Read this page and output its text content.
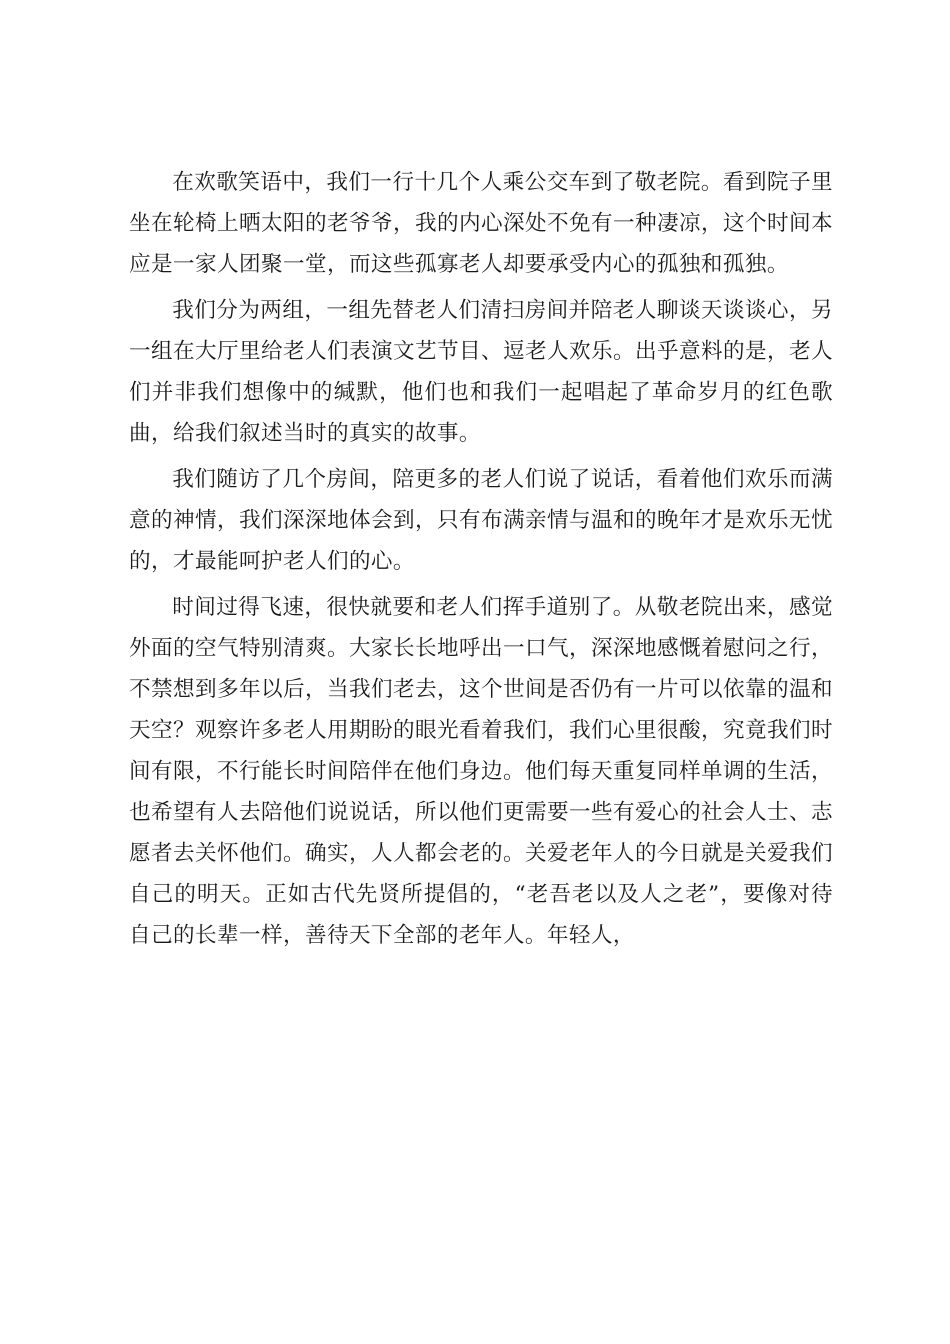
在欢歌笑语中，我们一行十几个人乘公交车到了敬老院。看到院子里坐在轮椅上晒太阳的老爷爷，我的内心深处不免有一种凄凉，这个时间本应是一家人团聚一堂，而这些孤寡老人却要承受内心的孤独和孤独。

我们分为两组，一组先替老人们清扫房间并陪老人聊谈天谈谈心，另一组在大厅里给老人们表演文艺节目、逗老人欢乐。出乎意料的是，老人们并非我们想像中的缄默，他们也和我们一起唱起了革命岁月的红色歌曲，给我们叙述当时的真实的故事。

我们随访了几个房间，陪更多的老人们说了说话，看着他们欢乐而满意的神情，我们深深地体会到，只有布满亲情与温和的晚年才是欢乐无忧的，才最能呵护老人们的心。

时间过得飞速，很快就要和老人们挥手道别了。从敬老院出来，感觉外面的空气特别清爽。大家长长地呼出一口气，深深地感慨着慰问之行，不禁想到多年以后，当我们老去，这个世间是否仍有一片可以依靠的温和天空？观察许多老人用期盼的眼光看着我们，我们心里很酸，究竟我们时间有限，不行能长时间陪伴在他们身边。他们每天重复同样单调的生活，也希望有人去陪他们说说话，所以他们更需要一些有爱心的社会人士、志愿者去关怀他们。确实，人人都会老的。关爱老年人的今日就是关爱我们自己的明天。正如古代先贤所提倡的，“老吾老以及人之老”，要像对待自己的长辈一样，善待天下全部的老年人。年轻人，
